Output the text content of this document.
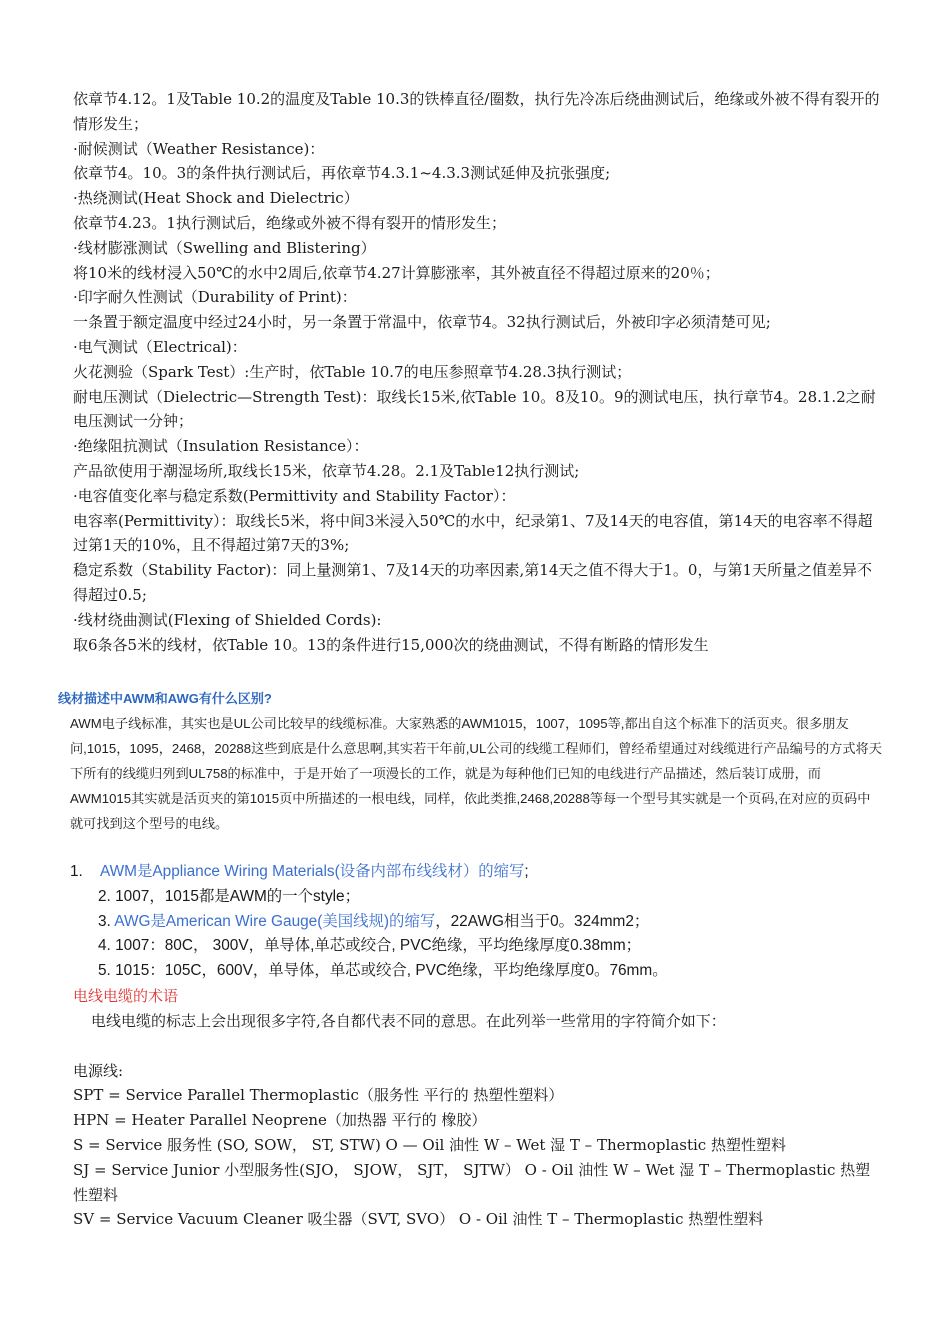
依章节4.12。1及Table 10.2的温度及Table 10.3的铁棒直径/圈数，执行先冷冻后绕曲测试后，绝缘或外被不得有裂开的情形发生；

·耐候测试（Weather Resistance)：

依章节4。10。3的条件执行测试后，再依章节4.3.1~4.3.3测试延伸及抗张强度;

·热绕测试(Heat Shock and Dielectric）

依章节4.23。1执行测试后，绝缘或外被不得有裂开的情形发生；

·线材膨涨测试（Swelling and Blistering）

将10米的线材浸入50℃的水中2周后,依章节4.27计算膨涨率，其外被直径不得超过原来的20％；

·印字耐久性测试（Durability of Print)：

一条置于额定温度中经过24小时，另一条置于常温中，依章节4。32执行测试后，外被印字必须清楚可见;

·电气测试（Electrical)：

火花测验（Spark Test）:生产时，依Table 10.7的电压参照章节4.28.3执行测试；

耐电压测试（Dielectric—Strength Test)：取线长15米,依Table 10。8及10。9的测试电压，执行章节4。28.1.2之耐电压测试一分钟；

·绝缘阻抗测试（Insulation Resistance）：

产品欲使用于潮湿场所,取线长15米，依章节4.28。2.1及Table12执行测试;

·电容值变化率与稳定系数(Permittivity and Stability Factor）：

电容率(Permittivity）：取线长5米，将中间3米浸入50℃的水中，纪录第1、7及14天的电容值，第14天的电容率不得超过第1天的10%，且不得超过第7天的3%;

稳定系数（Stability Factor)：同上量测第1、7及14天的功率因素,第14天之值不得大于1。0，与第1天所量之值差异不得超过0.5;

·线材绕曲测试(Flexing of Shielded Cords):

取6条各5米的线材，依Table 10。13的条件进行15,000次的绕曲测试，不得有断路的情形发生

线材描述中AWM和AWG有什么区别?

AWM电子线标准，其实也是UL公司比较早的线缆标准。大家熟悉的AWM1015，1007，1095等,都出自这个标准下的活页夹。很多朋友问,1015，1095，2468，20288这些到底是什么意思啊,其实若干年前,UL公司的线缆工程师们，曾经希望通过对线缆进行产品编号的方式将天下所有的线缆归列到UL758的标准中，于是开始了一项漫长的工作，就是为每种他们已知的电线进行产品描述，然后装订成册，而AWM1015其实就是活页夹的第1015页中所描述的一根电线，同样，依此类推,2468,20288等每一个型号其实就是一个页码,在对应的页码中就可找到这个型号的电线。

1. AWM是Appliance Wiring Materials(设备内部布线线材）的缩写;

2. 1007，1015都是AWM的一个style；

3. AWG是American Wire Gauge(美国线规)的缩写，22AWG相当于0。324mm2；

4. 1007：80C， 300V，单导体,单芯或绞合, PVC绝缘，平均绝缘厚度0.38mm；

5. 1015：105C，600V，单导体，单芯或绞合, PVC绝缘，平均绝缘厚度0。76mm。

电线电缆的术语

电线电缆的标志上会出现很多字符,各自都代表不同的意思。在此列举一些常用的字符简介如下：

电源线:

SPT = Service Parallel Thermoplastic（服务性 平行的 热塑性塑料）

HPN = Heater Parallel Neoprene（加热器 平行的 橡胶）

S = Service 服务性 (SO, SOW， ST, STW) O — Oil 油性 W – Wet 湿 T – Thermoplastic 热塑性塑料

SJ = Service Junior 小型服务性(SJO， SJOW， SJT， SJTW） O - Oil 油性 W – Wet 湿 T – Thermoplastic 热塑性塑料

SV = Service Vacuum Cleaner 吸尘器（SVT, SVO） O - Oil 油性 T – Thermoplastic 热塑性塑料
